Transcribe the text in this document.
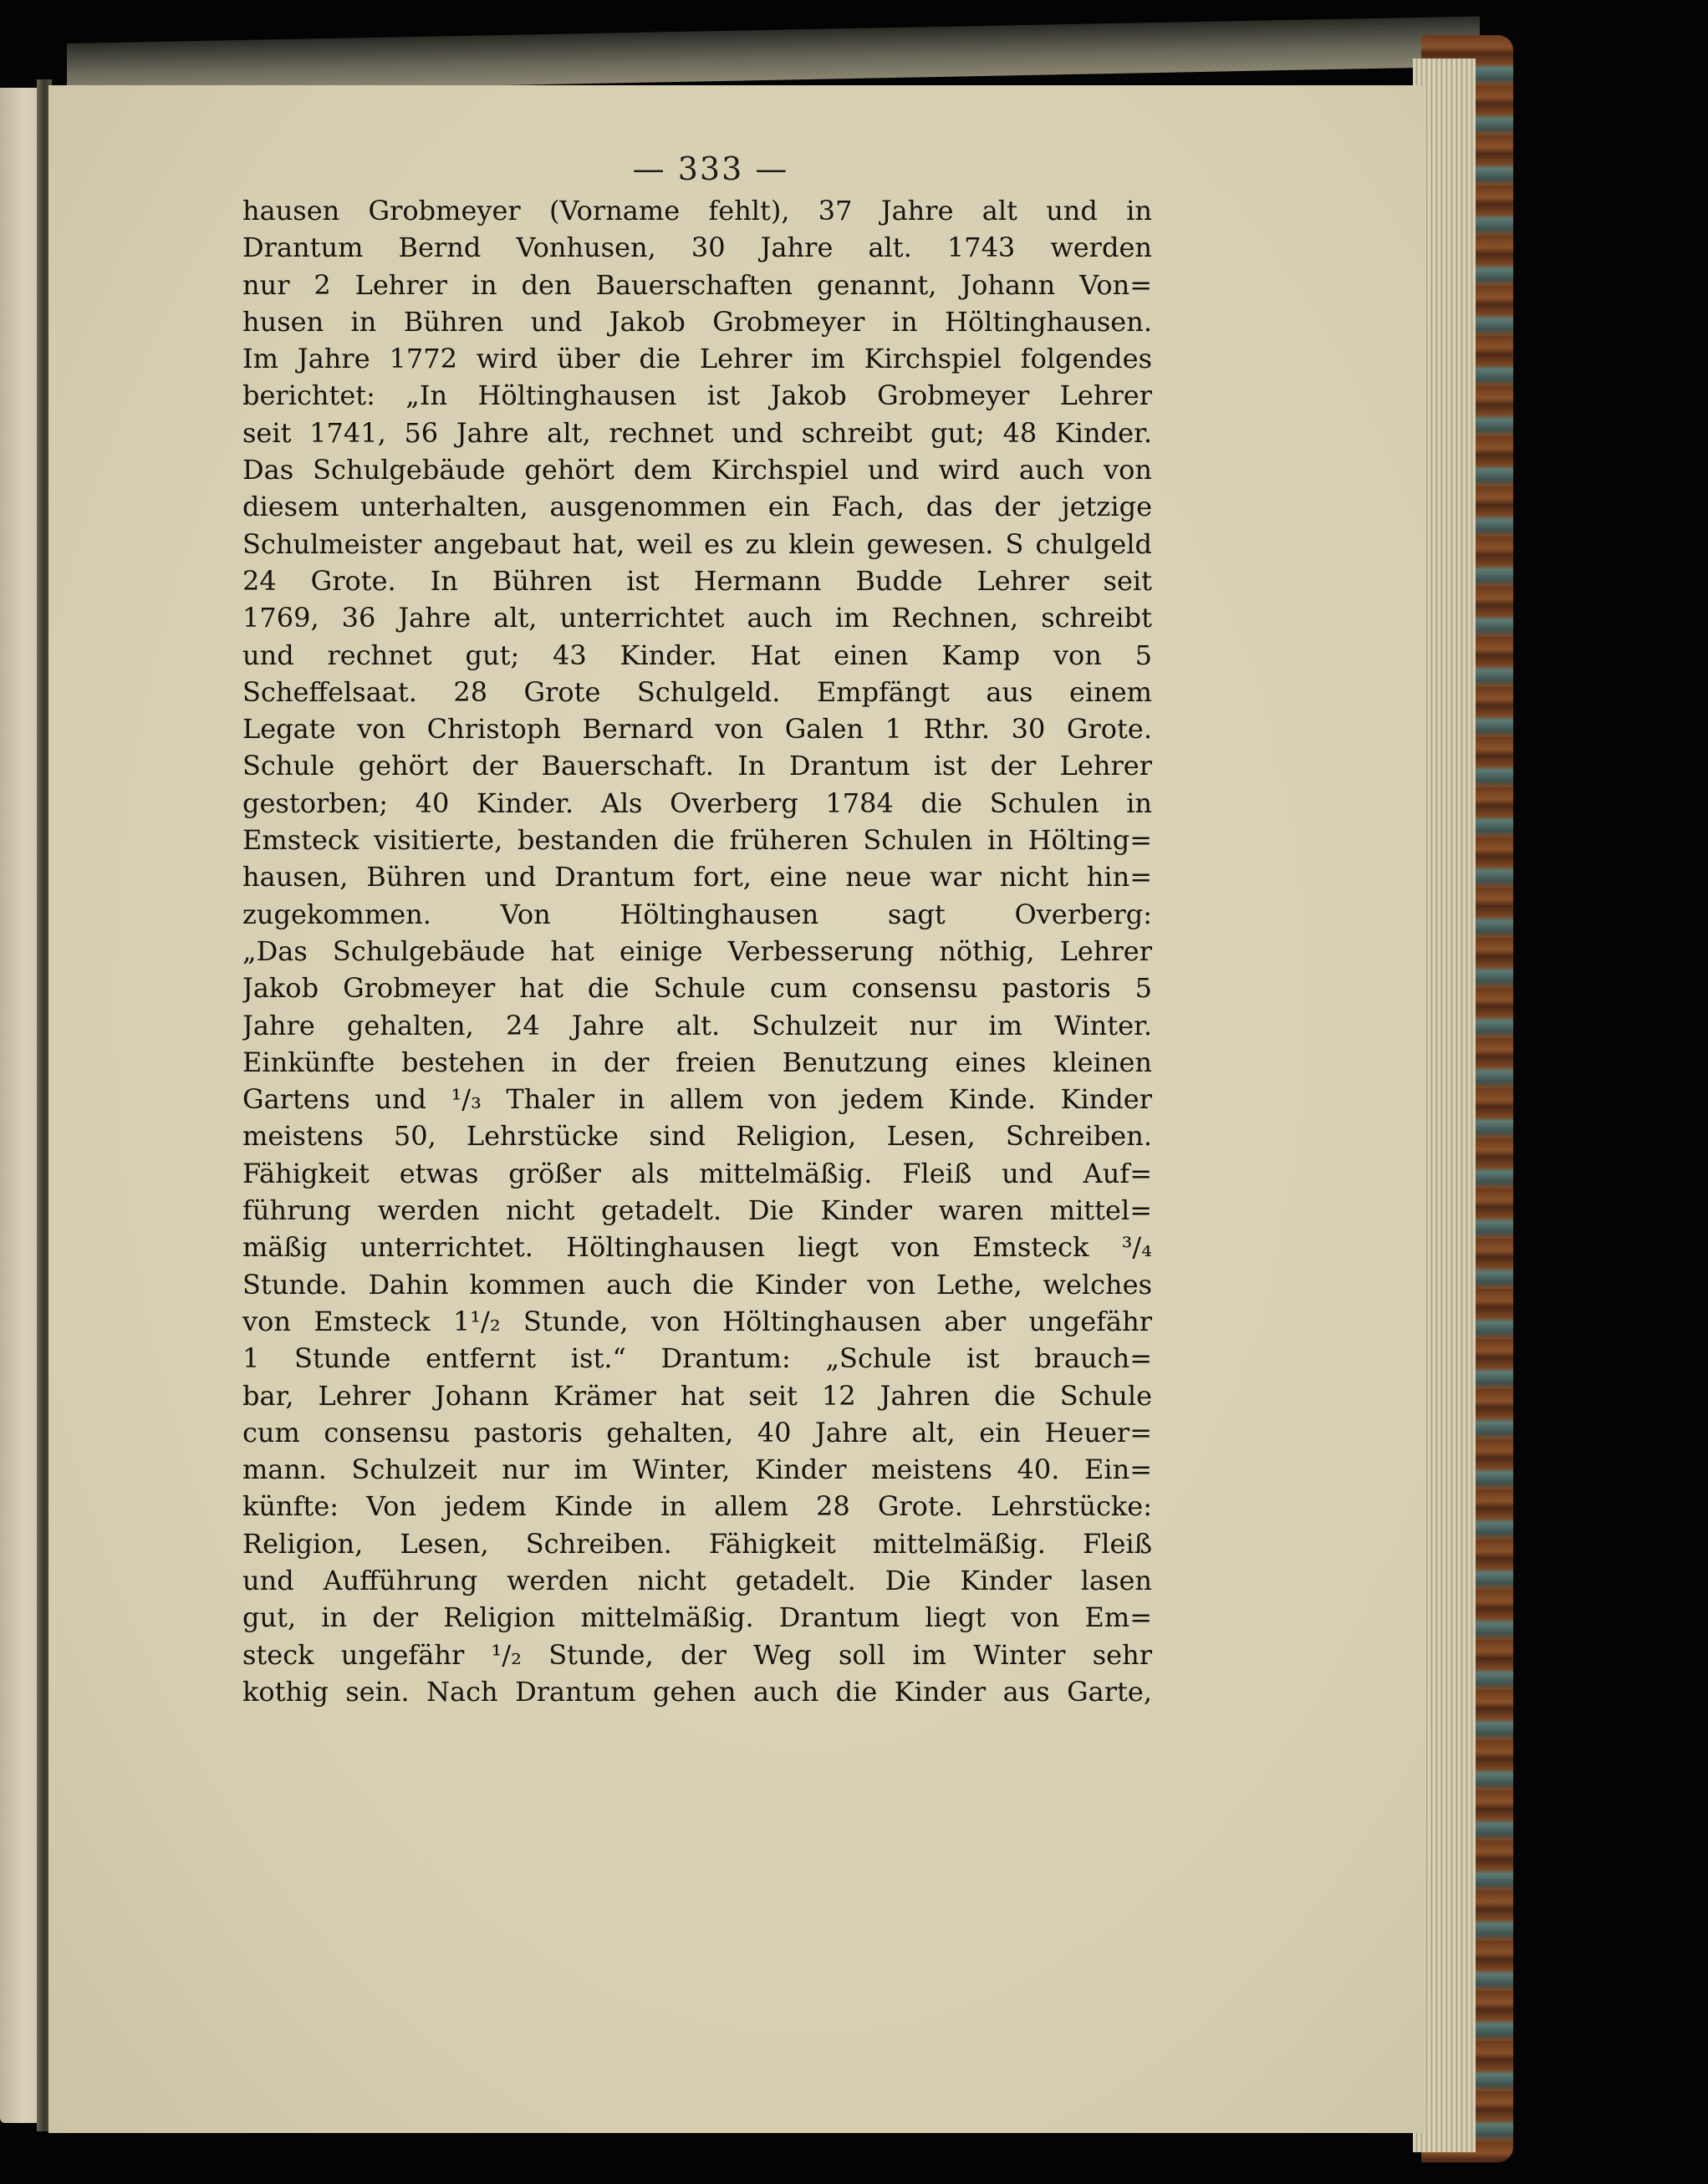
— 333 —
hausen Grobmeyer (Vorname fehlt), 37 Jahre alt und in
Drantum Bernd Vonhusen, 30 Jahre alt. 1743 werden
nur 2 Lehrer in den Bauerschaften genannt, Johann Von=
husen in Bühren und Jakob Grobmeyer in Höltinghausen.
Im Jahre 1772 wird über die Lehrer im Kirchspiel folgendes
berichtet: „In Höltinghausen ist Jakob Grobmeyer Lehrer
seit 1741, 56 Jahre alt, rechnet und schreibt gut; 48 Kinder.
Das Schulgebäude gehört dem Kirchspiel und wird auch von
diesem unterhalten, ausgenommen ein Fach, das der jetzige
Schulmeister angebaut hat, weil es zu klein gewesen. S chulgeld
24 Grote. In Bühren ist Hermann Budde Lehrer seit
1769, 36 Jahre alt, unterrichtet auch im Rechnen, schreibt
und rechnet gut; 43 Kinder. Hat einen Kamp von 5
Scheffelsaat. 28 Grote Schulgeld. Empfängt aus einem
Legate von Christoph Bernard von Galen 1 Rthr. 30 Grote.
Schule gehört der Bauerschaft. In Drantum ist der Lehrer
gestorben; 40 Kinder. Als Overberg 1784 die Schulen in
Emsteck visitierte, bestanden die früheren Schulen in Hölting=
hausen, Bühren und Drantum fort, eine neue war nicht hin=
zugekommen. Von Höltinghausen sagt Overberg:
„Das Schulgebäude hat einige Verbesserung nöthig, Lehrer
Jakob Grobmeyer hat die Schule cum consensu pastoris 5
Jahre gehalten, 24 Jahre alt. Schulzeit nur im Winter.
Einkünfte bestehen in der freien Benutzung eines kleinen
Gartens und ¹/₃ Thaler in allem von jedem Kinde. Kinder
meistens 50, Lehrstücke sind Religion, Lesen, Schreiben.
Fähigkeit etwas größer als mittelmäßig. Fleiß und Auf=
führung werden nicht getadelt. Die Kinder waren mittel=
mäßig unterrichtet. Höltinghausen liegt von Emsteck ³/₄
Stunde. Dahin kommen auch die Kinder von Lethe, welches
von Emsteck 1¹/₂ Stunde, von Höltinghausen aber ungefähr
1 Stunde entfernt ist.“ Drantum: „Schule ist brauch=
bar, Lehrer Johann Krämer hat seit 12 Jahren die Schule
cum consensu pastoris gehalten, 40 Jahre alt, ein Heuer=
mann. Schulzeit nur im Winter, Kinder meistens 40. Ein=
künfte: Von jedem Kinde in allem 28 Grote. Lehrstücke:
Religion, Lesen, Schreiben. Fähigkeit mittelmäßig. Fleiß
und Aufführung werden nicht getadelt. Die Kinder lasen
gut, in der Religion mittelmäßig. Drantum liegt von Em=
steck ungefähr ¹/₂ Stunde, der Weg soll im Winter sehr
kothig sein. Nach Drantum gehen auch die Kinder aus Garte,
